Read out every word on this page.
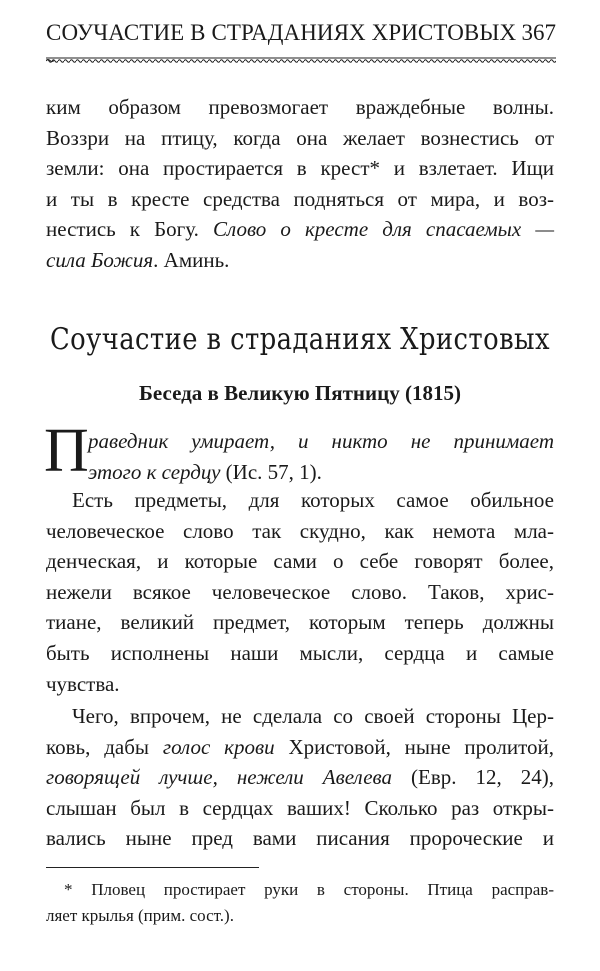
СОУЧАСТИЕ В СТРАДАНИЯХ ХРИСТОВЫХ 367
ким образом превозмогает враждебные волны.
Воззри на птицу, когда она желает вознестись от
земли: она простирается в крест* и взлетает. Ищи
и ты в кресте средства подняться от мира, и воз-
нестись к Богу. Слово о кресте для спасаемых —
сила Божия. Аминь.
Соучастие в страданиях Христовых
Беседа в Великую Пятницу (1815)
П раведник умирает, и никто не принимает
этого к сердцу (Ис. 57, 1).
Есть предметы, для которых самое обильное
человеческое слово так скудно, как немота мла-
денческая, и которые сами о себе говорят более,
нежели всякое человеческое слово. Таков, хрис-
тиане, великий предмет, которым теперь должны
быть исполнены наши мысли, сердца и самые
чувства.
Чего, впрочем, не сделала со своей стороны Цер-
ковь, дабы голос крови Христовой, ныне пролитой,
говорящей лучше, нежели Авелева (Евр. 12, 24),
слышан был в сердцах ваших! Сколько раз откры-
вались ныне пред вами писания пророческие и
* Пловец простирает руки в стороны. Птица расправ-
ляет крылья (прим. сост.).
